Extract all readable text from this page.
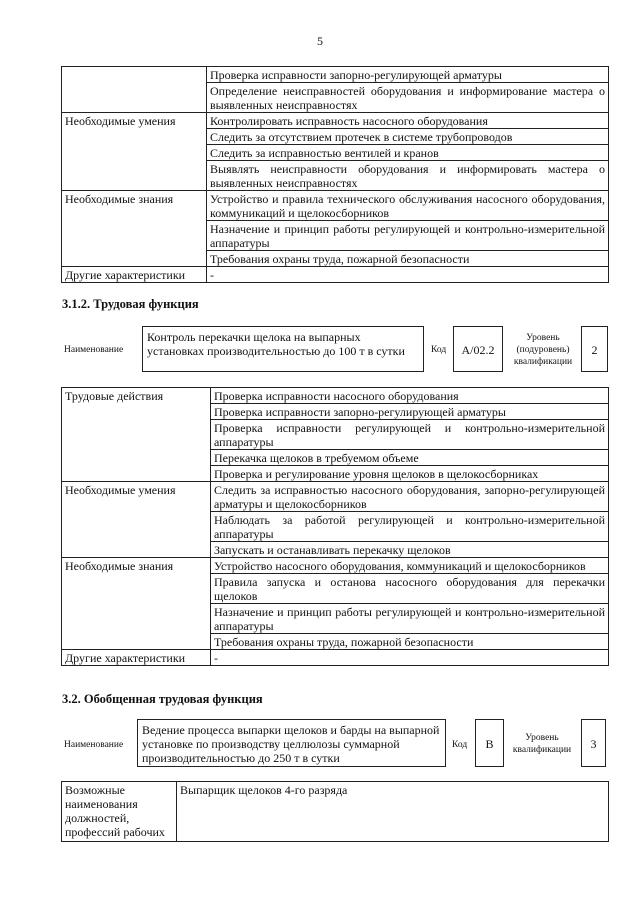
5
	Проверка исправности запорно-регулирующей арматуры
	Определение неисправностей оборудования и информирование мастера о выявленных неисправностях
Необходимые умения	Контролировать исправность насосного оборудования
	Следить за отсутствием протечек в системе трубопроводов
	Следить за исправностью вентилей и кранов
	Выявлять неисправности оборудования и информировать мастера о выявленных неисправностях
Необходимые знания	Устройство и правила технического обслуживания насосного оборудования, коммуникаций и щелокосборников
	Назначение и принцип работы регулирующей и контрольно-измерительной аппаратуры
	Требования охраны труда, пожарной безопасности
Другие характеристики	-
3.1.2. Трудовая функция
Наименование
Контроль перекачки щелока на выпарных установках производительностью до 100 т в сутки	Код	А/02.2
Уровень (подуровень) квалификации
2
Трудовые действия	Проверка исправности насосного оборудования
	Проверка исправности запорно-регулирующей арматуры
	Проверка исправности регулирующей и контрольно-измерительной аппаратуры
	Перекачка щелоков в требуемом объеме
	Проверка и регулирование уровня щелоков в щелокосборниках
Необходимые умения	Следить за исправностью насосного оборудования, запорно-регулирующей арматуры и щелокосборников
	Наблюдать за работой регулирующей и контрольно-измерительной аппаратуры
	Запускать и останавливать перекачку щелоков
Необходимые знания	Устройство насосного оборудования, коммуникаций и щелокосборников
	Правила запуска и останова насосного оборудования для перекачки щелоков
	Назначение и принцип работы регулирующей и контрольно-измерительной аппаратуры
	Требования охраны труда, пожарной безопасности
Другие характеристики	-
3.2. Обобщенная трудовая функция
Наименование
Ведение процесса выпарки щелоков и барды на выпарной установке по производству целлюлозы суммарной производительностью до 250 т в сутки
Код	В	Уровень квалификации	3
Возможные наименования должностей, профессий рабочих	Выпарщик щелоков 4-го разряда
